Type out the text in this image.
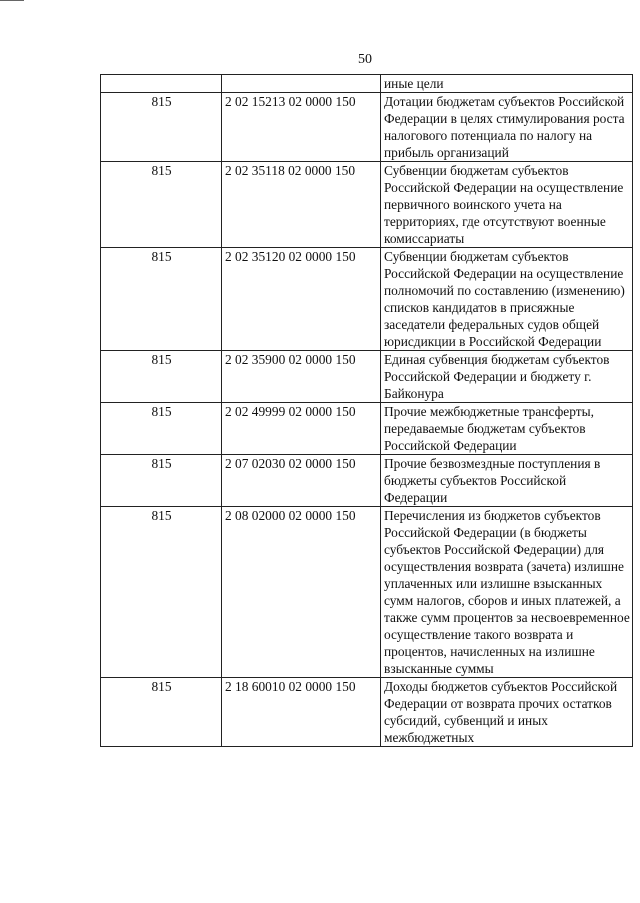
50
		иные цели
815	2 02 15213 02 0000 150	Дотации бюджетам субъектов Российской Федерации в целях стимулирования роста налогового потенциала по налогу на прибыль организаций
815	2 02 35118 02 0000 150	Субвенции бюджетам субъектов Российской Федерации на осуществление первичного воинского учета на территориях, где отсутствуют военные комиссариаты
815	2 02 35120 02 0000 150	Субвенции бюджетам субъектов Российской Федерации на осуществление полномочий по составлению (изменению) списков кандидатов в присяжные заседатели федеральных судов общей юрисдикции в Российской Федерации
815	2 02 35900 02 0000 150	Единая субвенция бюджетам субъектов Российской Федерации и бюджету г. Байконура
815	2 02 49999 02 0000 150	Прочие межбюджетные трансферты, передаваемые бюджетам субъектов Российской Федерации
815	2 07 02030 02 0000 150	Прочие безвозмездные поступления в бюджеты субъектов Российской Федерации
815	2 08 02000 02 0000 150	Перечисления из бюджетов субъектов Российской Федерации (в бюджеты субъектов Российской Федерации) для осуществления возврата (зачета) излишне уплаченных или излишне взысканных сумм налогов, сборов и иных платежей, а также сумм процентов за несвоевременное осуществление такого возврата и процентов, начисленных на излишне взысканные суммы
815	2 18 60010 02 0000 150	Доходы бюджетов субъектов Российской Федерации от возврата прочих остатков субсидий, субвенций и иных межбюджетных
